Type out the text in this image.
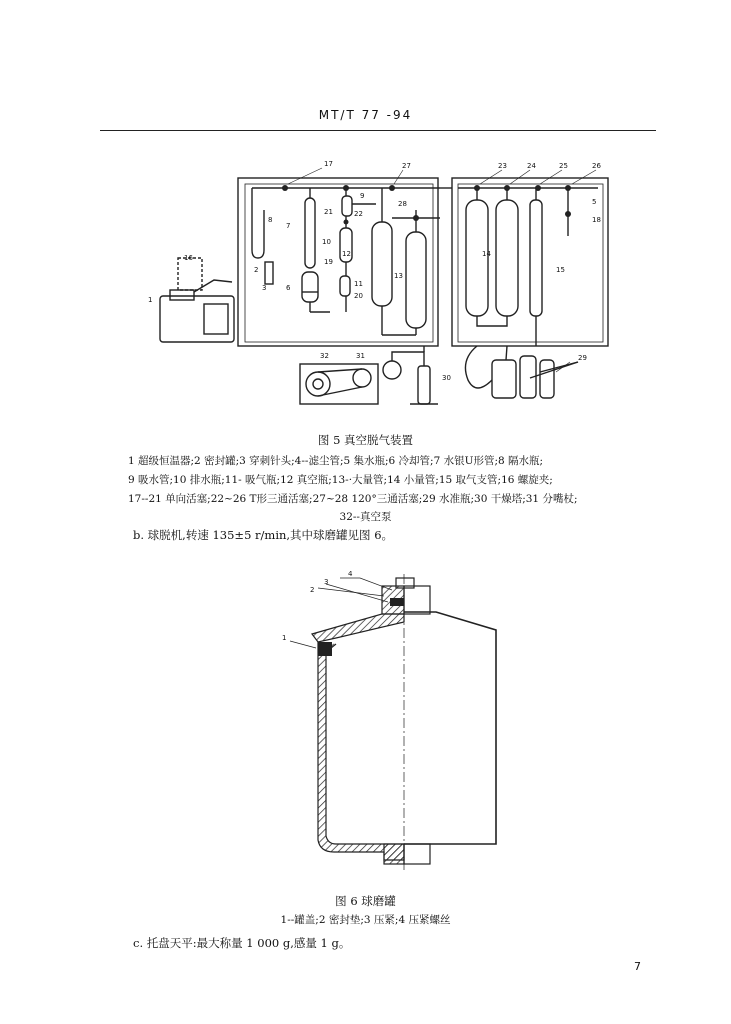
MT/T 77 -94
17	27	23	24	25	26
8
7
9
21	22
28
10
12
13
19
11
20
6
2
16
1
14
15
5
18
29
30
31
32
3
图 5 真空脱气装置
1 超级恒温器;2 密封罐;3 穿刺针头;4--滤尘管;5 集水瓶;6 冷却管;7 水银U形管;8 隔水瓶;
9 吸水管;10 排水瓶;11- 吸气瓶;12 真空瓶;13-·大量管;14 小量管;15 取气支管;16 螺旋夹;
17--21 单向活塞;22~26 T形三通活塞;27~28 120°三通活塞;29 水准瓶;30 干燥塔;31 分嘴杖;
32--真空泵
b. 球脱机,转速 135±5 r/min,其中球磨罐见图 6。
1
2
3
4
图 6 球磨罐
1--罐盖;2 密封垫;3 压紧;4 压紧螺丝
c. 托盘天平:最大称量 1 000 g,感量 1 g。
7
